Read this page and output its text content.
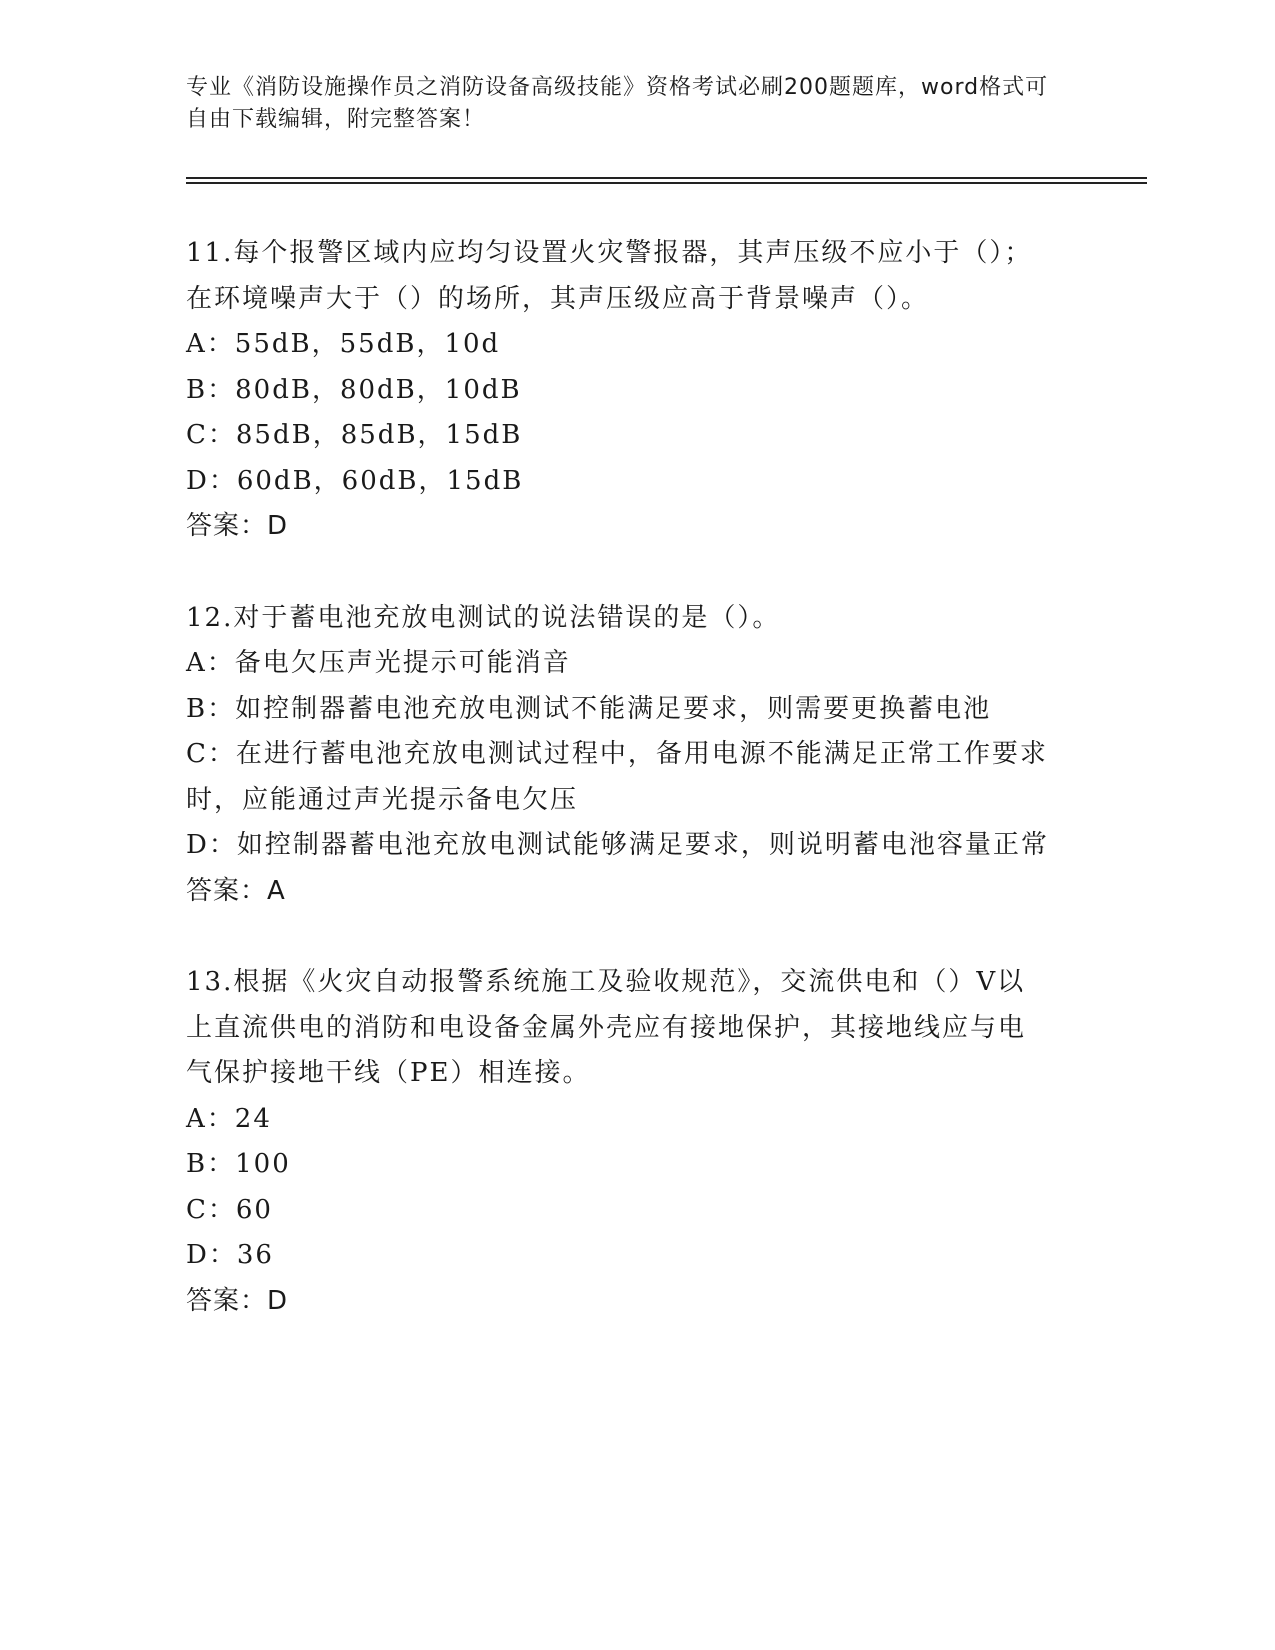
专业《消防设施操作员之消防设备高级技能》资格考试必刷200题题库，word格式可自由下载编辑，附完整答案！
11.每个报警区域内应均匀设置火灾警报器，其声压级不应小于（）；
在环境噪声大于（）的场所，其声压级应高于背景噪声（）。
A：55dB，55dB，10d
B：80dB，80dB，10dB
C：85dB，85dB，15dB
D：60dB，60dB，15dB
答案：D
12.对于蓄电池充放电测试的说法错误的是（）。
A：备电欠压声光提示可能消音
B：如控制器蓄电池充放电测试不能满足要求，则需要更换蓄电池
C：在进行蓄电池充放电测试过程中，备用电源不能满足正常工作要求
时，应能通过声光提示备电欠压
D：如控制器蓄电池充放电测试能够满足要求，则说明蓄电池容量正常
答案：A
13.根据《火灾自动报警系统施工及验收规范》，交流供电和（）V以
上直流供电的消防和电设备金属外壳应有接地保护，其接地线应与电
气保护接地干线（PE）相连接。
A：24
B：100
C：60
D：36
答案：D
